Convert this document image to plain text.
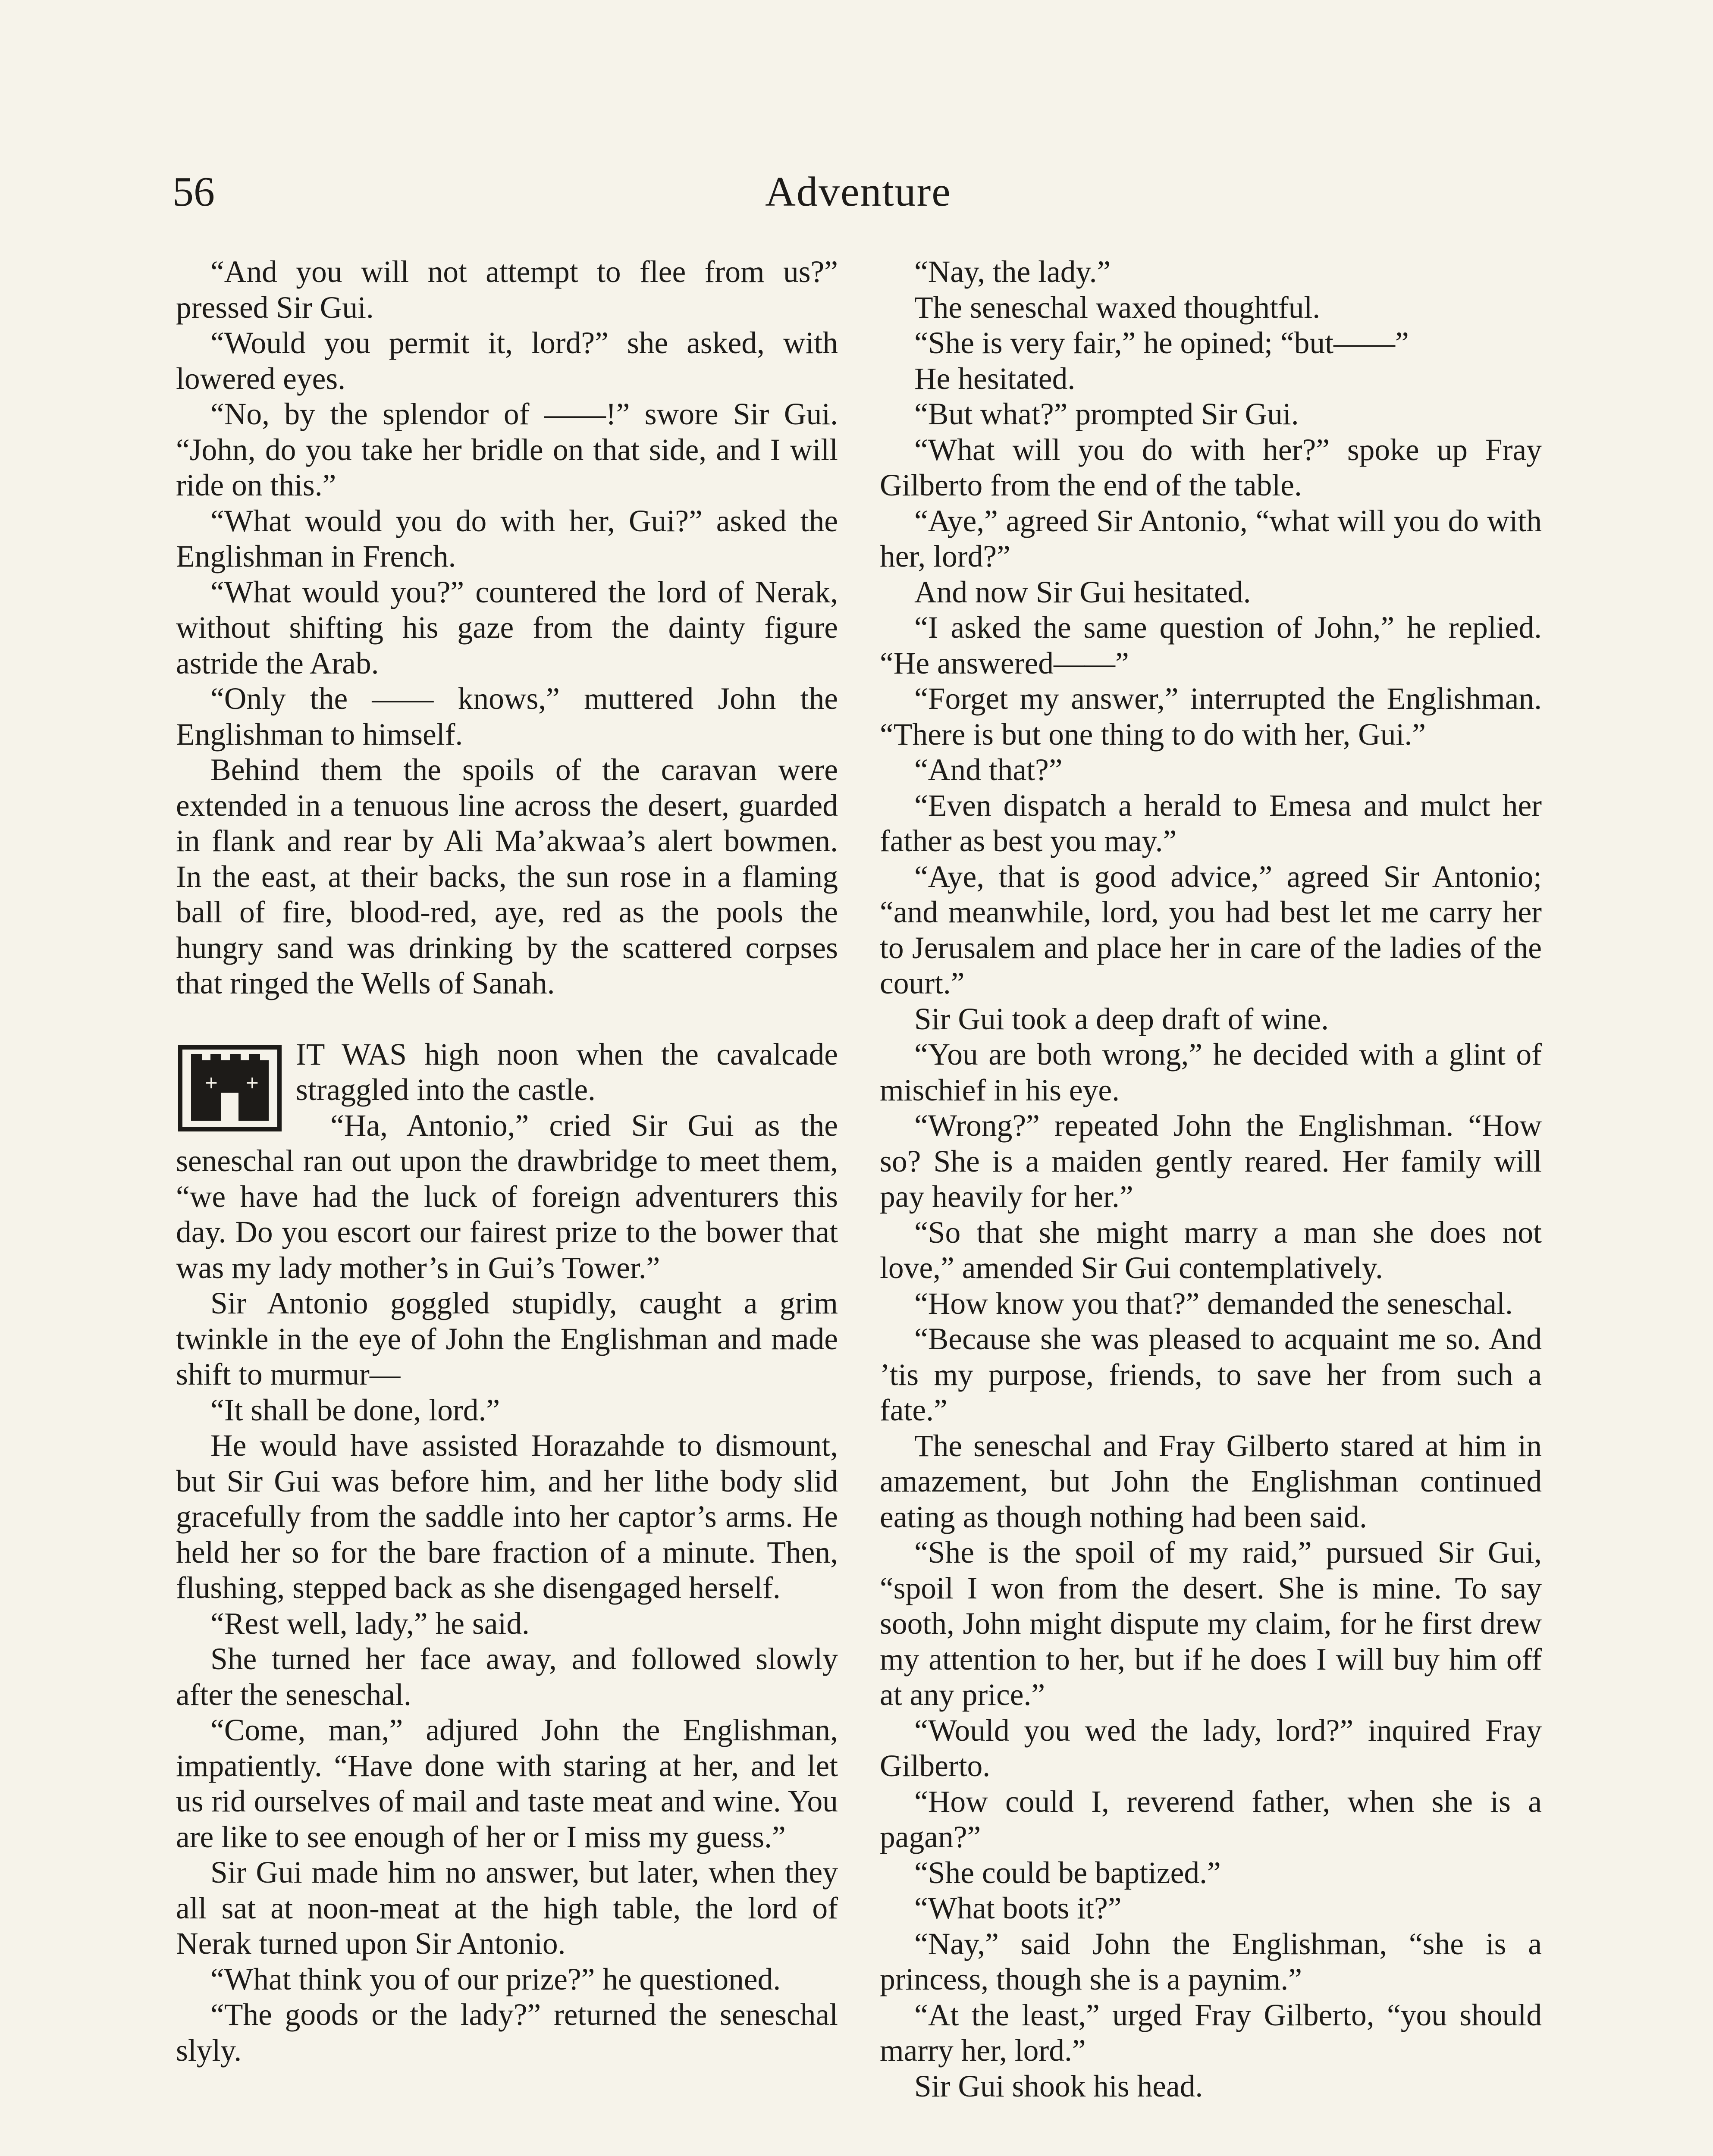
56	Adventure

“And you will not attempt to flee from us?” pressed Sir Gui.

“Would you permit it, lord?” she asked, with lowered eyes.

“No, by the splendor of ——!” swore Sir Gui. “John, do you take her bridle on that side, and I will ride on this.”

“What would you do with her, Gui?” asked the Englishman in French.

“What would you?” countered the lord of Nerak, without shifting his gaze from the dainty figure astride the Arab.

“Only the —— knows,” muttered John the Englishman to himself.

Behind them the spoils of the caravan were extended in a tenuous line across the desert, guarded in flank and rear by Ali Ma’akwaa’s alert bowmen. In the east, at their backs, the sun rose in a flaming ball of fire, blood-red, aye, red as the pools the hungry sand was drinking by the scattered corpses that ringed the Wells of Sanah.

+	+

IT WAS high noon when the cavalcade straggled into the castle.

“Ha, Antonio,” cried Sir Gui as the seneschal ran out upon the drawbridge to meet them, “we have had the luck of foreign adventurers this day. Do you escort our fairest prize to the bower that was my lady mother’s in Gui’s Tower.”

Sir Antonio goggled stupidly, caught a grim twinkle in the eye of John the Englishman and made shift to murmur—

“It shall be done, lord.”

He would have assisted Horazahde to dismount, but Sir Gui was before him, and her lithe body slid gracefully from the saddle into her captor’s arms. He held her so for the bare fraction of a minute. Then, flushing, stepped back as she disengaged herself.

“Rest well, lady,” he said.

She turned her face away, and followed slowly after the seneschal.

“Come, man,” adjured John the Englishman, impatiently. “Have done with staring at her, and let us rid ourselves of mail and taste meat and wine. You are like to see enough of her or I miss my guess.”

Sir Gui made him no answer, but later, when they all sat at noon-meat at the high table, the lord of Nerak turned upon Sir Antonio.

“What think you of our prize?” he questioned.

“The goods or the lady?” returned the seneschal slyly.

“Nay, the lady.”

The seneschal waxed thoughtful.

“She is very fair,” he opined; “but——”

He hesitated.

“But what?” prompted Sir Gui.

“What will you do with her?” spoke up Fray Gilberto from the end of the table.

“Aye,” agreed Sir Antonio, “what will you do with her, lord?”

And now Sir Gui hesitated.

“I asked the same question of John,” he replied. “He answered——”

“Forget my answer,” interrupted the Englishman. “There is but one thing to do with her, Gui.”

“And that?”

“Even dispatch a herald to Emesa and mulct her father as best you may.”

“Aye, that is good advice,” agreed Sir Antonio; “and meanwhile, lord, you had best let me carry her to Jerusalem and place her in care of the ladies of the court.”

Sir Gui took a deep draft of wine.

“You are both wrong,” he decided with a glint of mischief in his eye.

“Wrong?” repeated John the Englishman. “How so? She is a maiden gently reared. Her family will pay heavily for her.”

“So that she might marry a man she does not love,” amended Sir Gui contemplatively.

“How know you that?” demanded the seneschal.

“Because she was pleased to acquaint me so. And ’tis my purpose, friends, to save her from such a fate.”

The seneschal and Fray Gilberto stared at him in amazement, but John the Englishman continued eating as though nothing had been said.

“She is the spoil of my raid,” pursued Sir Gui, “spoil I won from the desert. She is mine. To say sooth, John might dispute my claim, for he first drew my attention to her, but if he does I will buy him off at any price.”

“Would you wed the lady, lord?” inquired Fray Gilberto.

“How could I, reverend father, when she is a pagan?”

“She could be baptized.”

“What boots it?”

“Nay,” said John the Englishman, “she is a princess, though she is a paynim.”

“At the least,” urged Fray Gilberto, “you should marry her, lord.”

Sir Gui shook his head.
